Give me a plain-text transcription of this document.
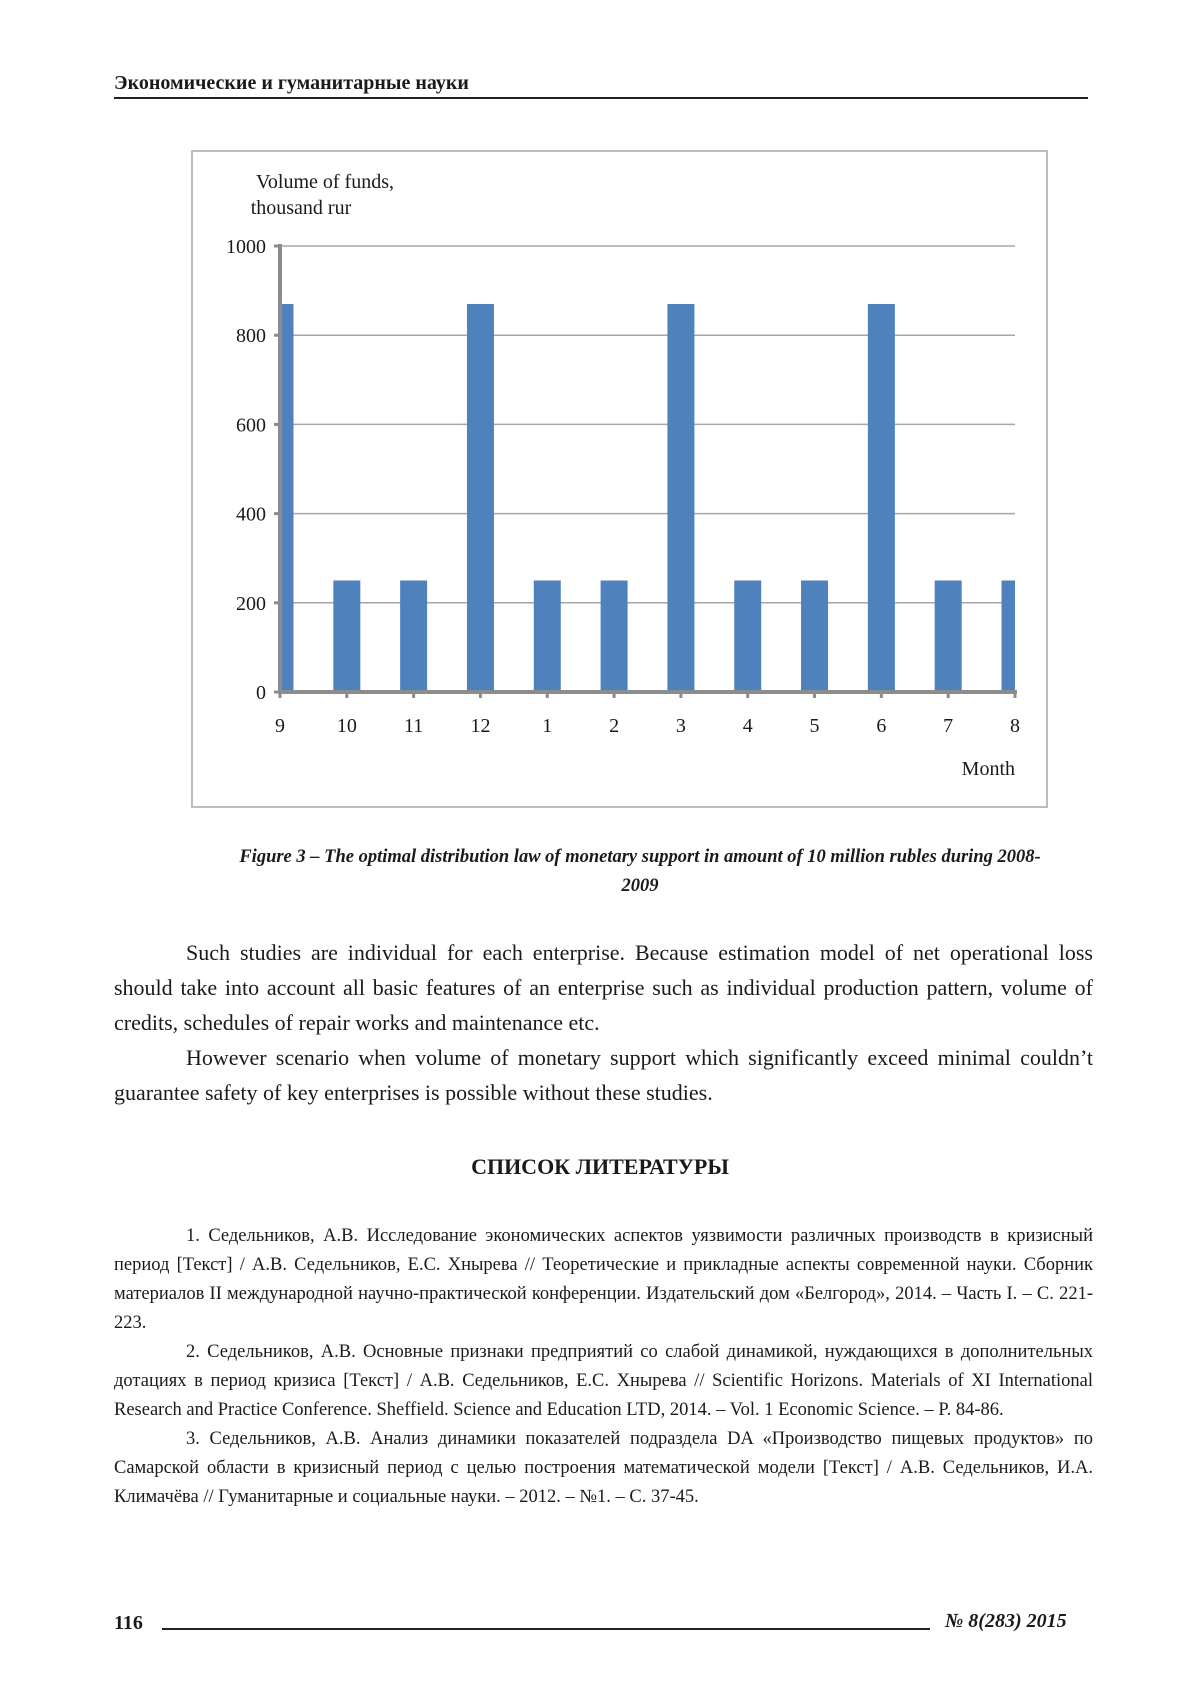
Экономические и гуманитарные науки
0
200
400
600
800
1000
9	10 11 12	1	2	3	4	5	6	7	8
Volume of funds,
thousand rur
Month
Figure 3 – The optimal distribution law of monetary support in amount of 10 million rubles during 2008-
2009
Such studies are individual for each enterprise. Because estimation model of net operational loss should take into account all basic features of an enterprise such as individual production pattern, volume of credits, schedules of repair works and maintenance etc.
However scenario when volume of monetary support which significantly exceed minimal couldn’t guarantee safety of key enterprises is possible without these studies.
СПИСОК ЛИТЕРАТУРЫ

1. Седельников, А.В. Исследование экономических аспектов уязвимости различных производств в кризисный период [Текст] / А.В. Седельников, Е.С. Хнырева // Теоретические и прикладные аспекты современной науки. Сборник материалов II международной научно-практической конференции. Издательский дом «Белгород», 2014. – Часть I. – С. 221-223.

2. Седельников, А.В. Основные признаки предприятий со слабой динамикой, нуждающихся в дополнительных дотациях в период кризиса [Текст] / А.В. Седельников, Е.С. Хнырева // Scientific Horizons. Materials of XI International Research and Practice Conference. Sheffield. Science and Education LTD, 2014. – Vol. 1 Economic Science. – P. 84-86.

3. Седельников, А.В. Анализ динамики показателей подраздела DA «Производство пищевых продуктов» по Самарской области в кризисный период с целью построения математической модели [Текст] / А.В. Седельников, И.А. Климачёва // Гуманитарные и социальные науки. – 2012. – №1. – С. 37-45.

116	№ 8(283) 2015
